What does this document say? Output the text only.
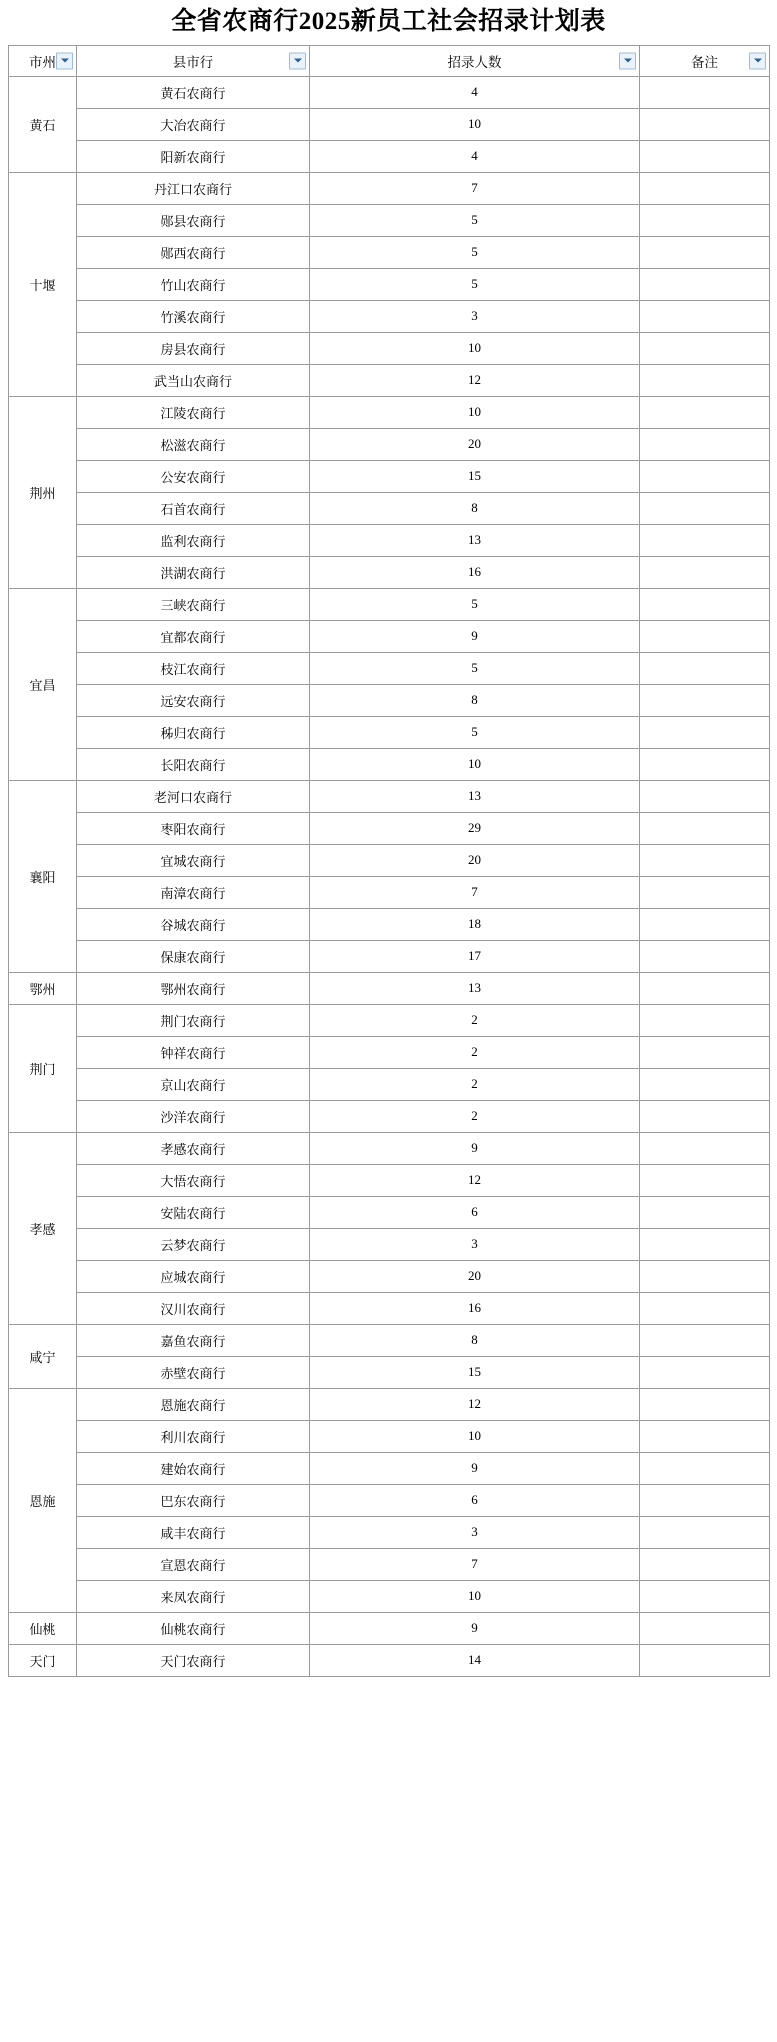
全省农商行2025新员工社会招录计划表
市州	县市行	招录人数	备注

黄石	黄石农商行	4	
	大冶农商行	10	
	阳新农商行	4	
十堰	丹江口农商行	7	
	郧县农商行	5	
	郧西农商行	5	
	竹山农商行	5	
	竹溪农商行	3	
	房县农商行	10	
	武当山农商行	12	
荆州	江陵农商行	10	
	松滋农商行	20	
	公安农商行	15	
	石首农商行	8	
	监利农商行	13	
	洪湖农商行	16	
宜昌	三峡农商行	5	
	宜都农商行	9	
	枝江农商行	5	
	远安农商行	8	
	秭归农商行	5	
	长阳农商行	10	
襄阳	老河口农商行	13	
	枣阳农商行	29	
	宜城农商行	20	
	南漳农商行	7	
	谷城农商行	18	
	保康农商行	17	
鄂州	鄂州农商行	13	
荆门	荆门农商行	2	
	钟祥农商行	2	
	京山农商行	2	
	沙洋农商行	2	
孝感	孝感农商行	9	
	大悟农商行	12	
	安陆农商行	6	
	云梦农商行	3	
	应城农商行	20	
	汉川农商行	16	
咸宁	嘉鱼农商行	8	
	赤壁农商行	15	
恩施	恩施农商行	12	
	利川农商行	10	
	建始农商行	9	
	巴东农商行	6	
	咸丰农商行	3	
	宣恩农商行	7	
	来凤农商行	10	
仙桃	仙桃农商行	9	
天门	天门农商行	14	
